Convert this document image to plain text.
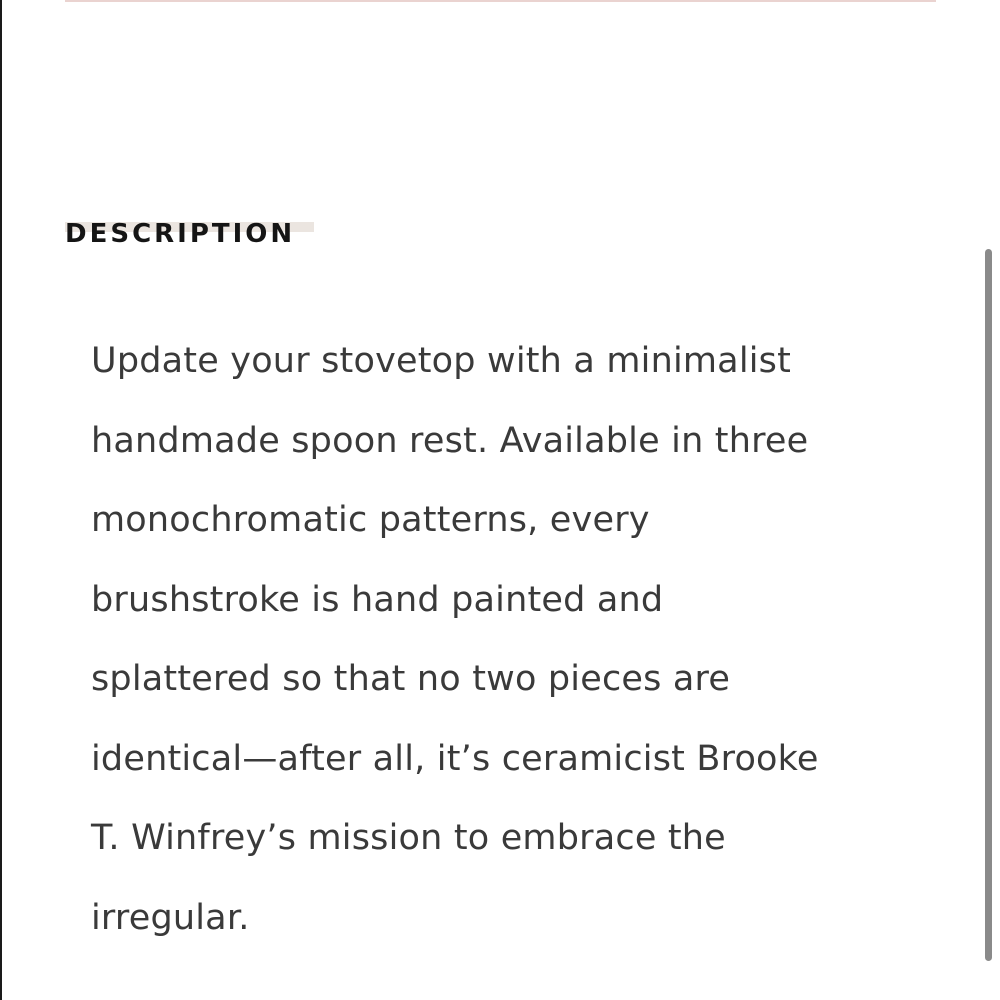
DESCRIPTION

Update your stovetop with a minimalist
handmade spoon rest. Available in three
monochromatic patterns, every
brushstroke is hand painted and
splattered so that no two pieces are
identical—after all, it’s ceramicist Brooke
T. Winfrey’s mission to embrace the
irregular.
